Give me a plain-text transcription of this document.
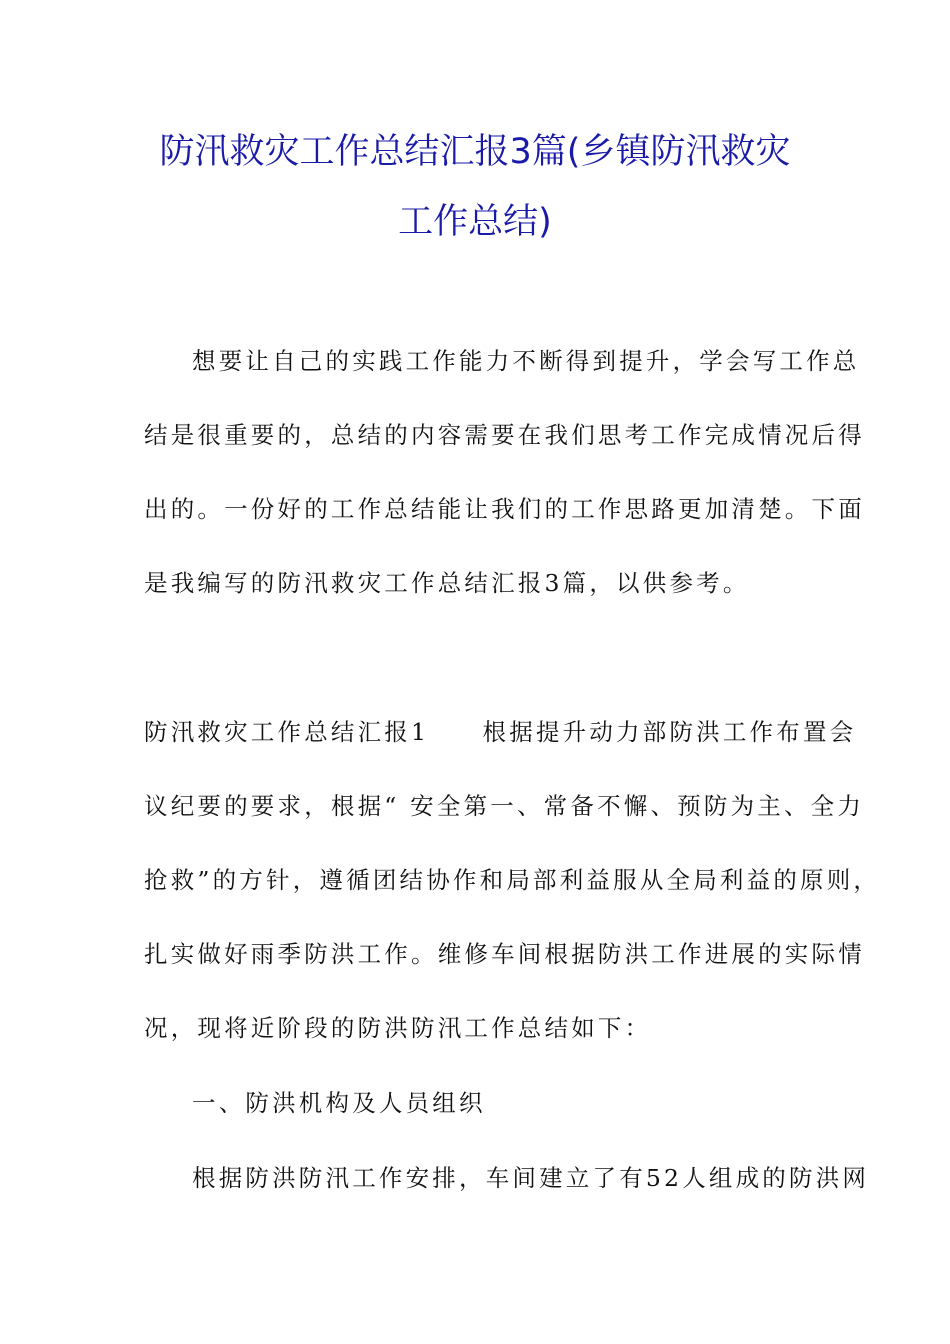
防汛救灾工作总结汇报3篇(乡镇防汛救灾
工作总结)
想要让自己的实践工作能力不断得到提升，学会写工作总
结是很重要的，总结的内容需要在我们思考工作完成情况后得
出的。一份好的工作总结能让我们的工作思路更加清楚。下面
是我编写的防汛救灾工作总结汇报3篇，以供参考。
防汛救灾工作总结汇报1　　根据提升动力部防洪工作布置会
议纪要的要求，根据“ 安全第一、常备不懈、预防为主、全力
抢救”的方针，遵循团结协作和局部利益服从全局利益的原则，
扎实做好雨季防洪工作。维修车间根据防洪工作进展的实际情
况，现将近阶段的防洪防汛工作总结如下：
一、防洪机构及人员组织
根据防洪防汛工作安排，车间建立了有52人组成的防洪网
